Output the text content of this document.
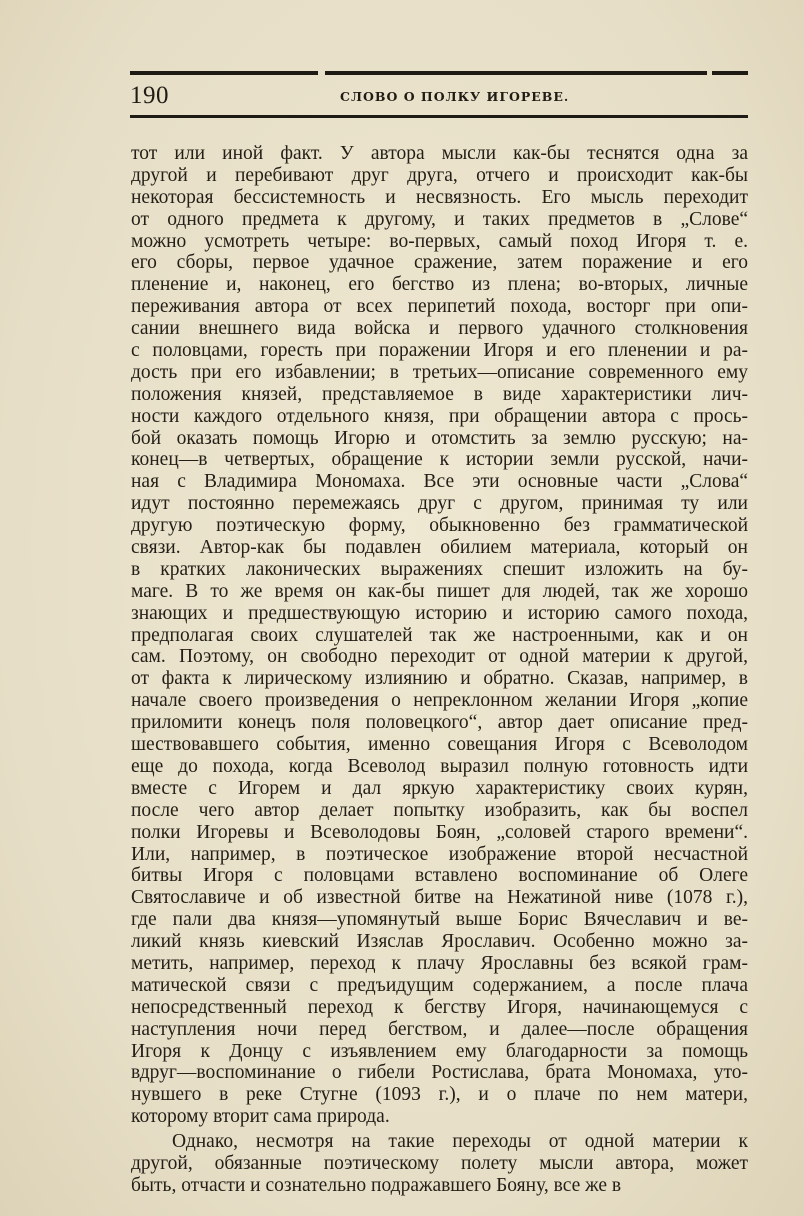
190	СЛОВО О ПОЛКУ ИГОРЕВЕ.
тот или иной факт. У автора мысли как-бы теснятся одна за
другой и перебивают друг друга, отчего и происходит как-бы
некоторая бессистемность и несвязность. Его мысль переходит
от одного предмета к другому, и таких предметов в „Слове“
можно усмотреть четыре: во-первых, самый поход Игоря т. е.
его сборы, первое удачное сражение, затем поражение и его
пленение и, наконец, его бегство из плена; во-вторых, личные
переживания автора от всех перипетий похода, восторг при опи-
сании внешнего вида войска и первого удачного столкновения
с половцами, горесть при поражении Игоря и его пленении и ра-
дость при его избавлении; в третьих—описание современного ему
положения князей, представляемое в виде характеристики лич-
ности каждого отдельного князя, при обращении автора с прось-
бой оказать помощь Игорю и отомстить за землю русскую; на-
конец—в четвертых, обращение к истории земли русской, начи-
ная с Владимира Мономаха. Все эти основные части „Слова“
идут постоянно перемежаясь друг с другом, принимая ту или
другую поэтическую форму, обыкновенно без грамматической
связи. Автор-как бы подавлен обилием материала, который он
в кратких лаконических выражениях спешит изложить на бу-
маге. В то же время он как-бы пишет для людей, так же хорошо
знающих и предшествующую историю и историю самого похода,
предполагая своих слушателей так же настроенными, как и он
сам. Поэтому, он свободно переходит от одной материи к другой,
от факта к лирическому излиянию и обратно. Сказав, например, в
начале своего произведения о непреклонном желании Игоря „копие
приломити конецъ поля половецкого“, автор дает описание пред-
шествовавшего события, именно совещания Игоря с Всеволодом
еще до похода, когда Всеволод выразил полную готовность идти
вместе с Игорем и дал яркую характеристику своих курян,
после чего автор делает попытку изобразить, как бы воспел
полки Игоревы и Всеволодовы Боян, „соловей старого времени“.
Или, например, в поэтическое изображение второй несчастной
битвы Игоря с половцами вставлено воспоминание об Олеге
Святославиче и об известной битве на Нежатиной ниве (1078 г.),
где пали два князя—упомянутый выше Борис Вячеславич и ве-
ликий князь киевский Изяслав Ярославич. Особенно можно за-
метить, например, переход к плачу Ярославны без всякой грам-
матической связи с предъидущим содержанием, а после плача
непосредственный переход к бегству Игоря, начинающемуся с
наступления ночи перед бегством, и далее—после обращения
Игоря к Донцу с изъявлением ему благодарности за помощь
вдруг—воспоминание о гибели Ростислава, брата Мономаха, уто-
нувшего в реке Стугне (1093 г.), и о плаче по нем матери,
которому вторит сама природа.
Однако, несмотря на такие переходы от одной материи к
другой, обязанные поэтическому полету мысли автора, может
быть, отчасти и сознательно подражавшего Бояну, все же в
